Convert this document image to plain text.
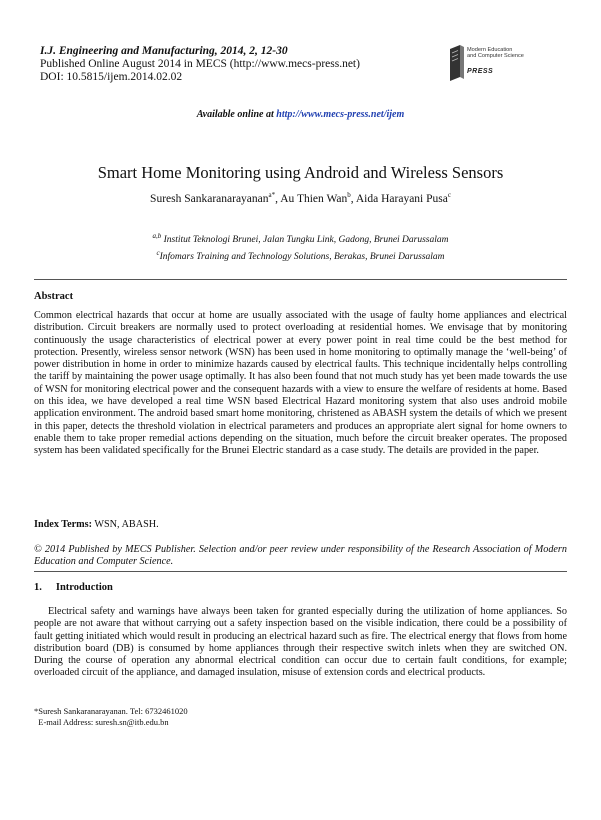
I.J. Engineering and Manufacturing, 2014, 2, 12-30
Published Online August 2014 in MECS (http://www.mecs-press.net)
DOI: 10.5815/ijem.2014.02.02
Modern Education
and Computer Science
PRESS
Available online at http://www.mecs-press.net/ijem
Smart Home Monitoring using Android and Wireless Sensors
Suresh Sankaranarayanan$^{a*}$, Au Thien Wan$^b$, Aida Harayani Pusa$^c$
$^{a,b}$ Institut Teknologi Brunei, Jalan Tungku Link, Gadong, Brunei Darussalam
$^c$Infomars Training and Technology Solutions, Berakas, Brunei Darussalam
Abstract

Common electrical hazards that occur at home are usually associated with the usage of faulty home appliances and electrical distribution. Circuit breakers are normally used to protect overloading at residential homes. We envisage that by monitoring continuously the usage characteristics of electrical power at every power point in real time could be the best method for protection. Presently, wireless sensor network (WSN) has been used in home monitoring to optimally manage the ‘well-being’ of power distribution in home in order to minimize hazards caused by electrical faults. This technique incidentally helps controlling the tariff by maintaining the power usage optimally. It has also been found that not much study has yet been made towards the use of WSN for monitoring electrical power and the consequent hazards with a view to ensure the welfare of residents at home. Based on this idea, we have developed a real time WSN based Electrical Hazard monitoring system that also uses android mobile application environment. The android based smart home monitoring, christened as ABASH system the details of which we present in this paper, detects the threshold violation in electrical parameters and produces an appropriate alert signal for home owners to enable them to take proper remedial actions depending on the situation, much before the circuit breaker operates. The proposed system has been validated specifically for the Brunei Electric standard as a case study. The details are provided in the paper.

Index Terms: WSN, ABASH.

© 2014 Published by MECS Publisher. Selection and/or peer review under responsibility of the Research Association of Modern Education and Computer Science.

1. Introduction

Electrical safety and warnings have always been taken for granted especially during the utilization of home appliances. So people are not aware that without carrying out a safety inspection based on the visible indication, there could be a possibility of fault getting initiated which would result in producing an electrical hazard such as fire. The electrical energy that flows from home distribution board (DB) is consumed by home appliances through their respective switch inlets when they are switched ON. During the course of operation any abnormal electrical condition can occur due to certain fault conditions, for example; overloaded circuit of the appliance, and damaged insulation, misuse of extension cords and electrical products.

*Suresh Sankaranarayanan. Tel: 6732461020
E-mail Address: suresh.sn@itb.edu.bn
